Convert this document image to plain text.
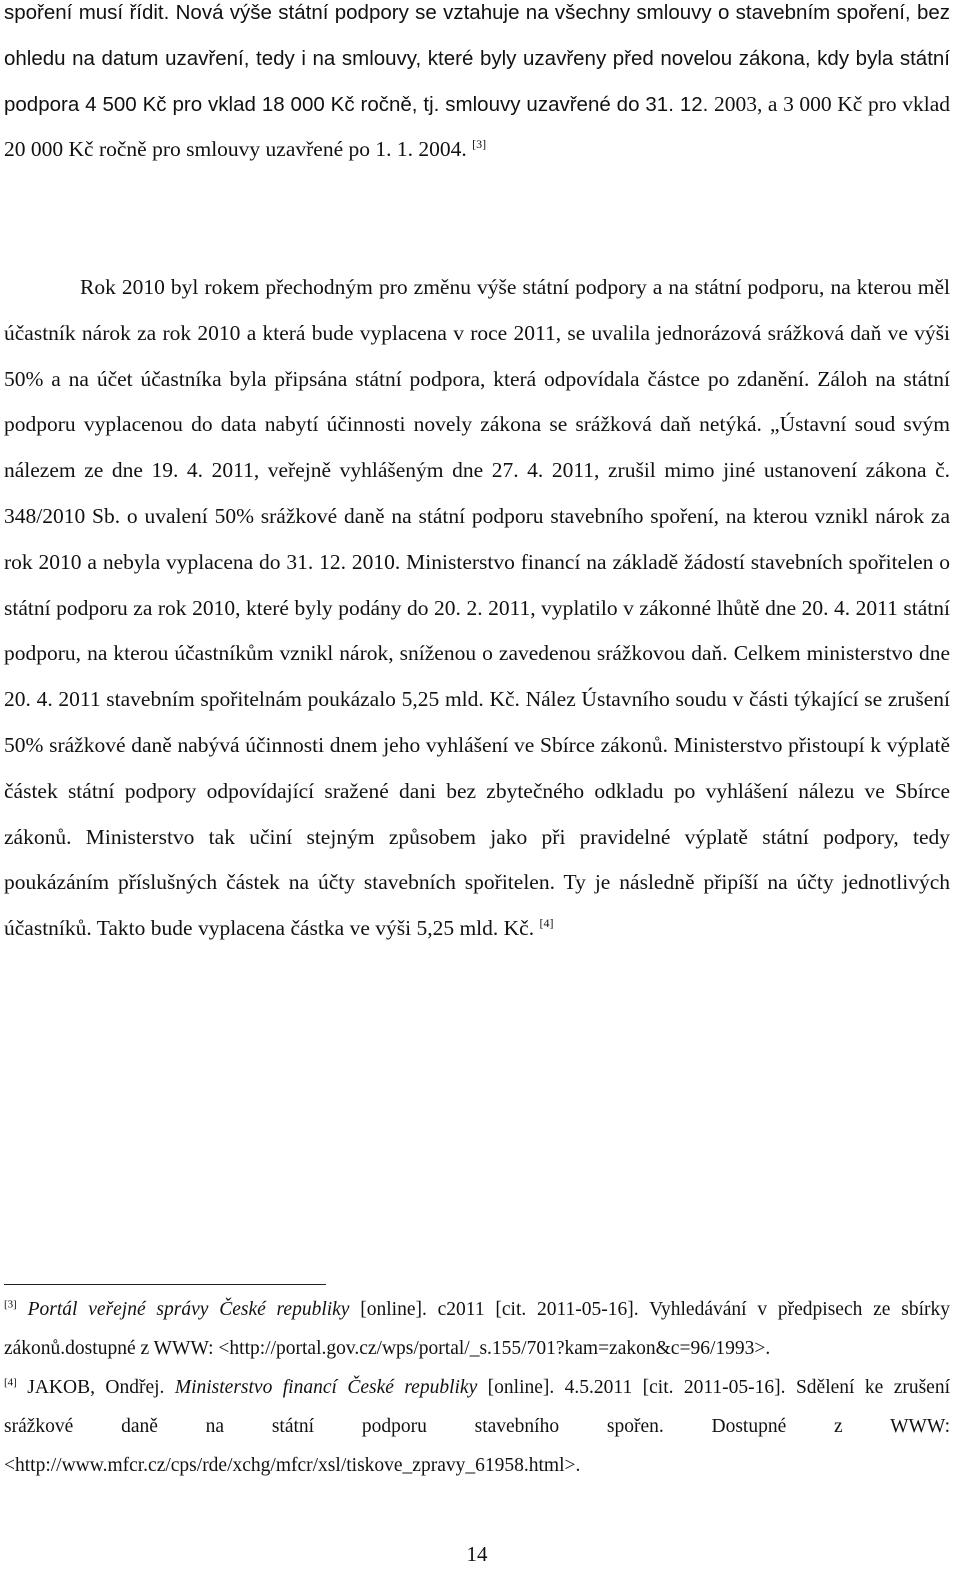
spoření musí řídit. Nová výše státní podpory se vztahuje na všechny smlouvy o stavebním spoření, bez ohledu na datum uzavření, tedy i na smlouvy, které byly uzavřeny před novelou zákona, kdy byla státní podpora 4 500 Kč pro vklad 18 000 Kč ročně, tj. smlouvy uzavřené do 31. 12. 2003, a 3 000 Kč pro vklad 20 000 Kč ročně pro smlouvy uzavřené po 1. 1. 2004. [3]

Rok 2010 byl rokem přechodným pro změnu výše státní podpory a na státní podporu, na kterou měl účastník nárok za rok 2010 a která bude vyplacena v roce 2011, se uvalila jednorázová srážková daň ve výši 50% a na účet účastníka byla připsána státní podpora, která odpovídala částce po zdanění. Záloh na státní podporu vyplacenou do data nabytí účinnosti novely zákona se srážková daň netýká. „Ústavní soud svým nálezem ze dne 19. 4. 2011, veřejně vyhlášeným dne 27. 4. 2011, zrušil mimo jiné ustanovení zákona č. 348/2010 Sb. o uvalení 50% srážkové daně na státní podporu stavebního spoření, na kterou vznikl nárok za rok 2010 a nebyla vyplacena do 31. 12. 2010. Ministerstvo financí na základě žádostí stavebních spořitelen o státní podporu za rok 2010, které byly podány do 20. 2. 2011, vyplatilo v zákonné lhůtě dne 20. 4. 2011 státní podporu, na kterou účastníkům vznikl nárok, sníženou o zavedenou srážkovou daň. Celkem ministerstvo dne 20. 4. 2011 stavebním spořitelnám poukázalo 5,25 mld. Kč. Nález Ústavního soudu v části týkající se zrušení 50% srážkové daně nabývá účinnosti dnem jeho vyhlášení ve Sbírce zákonů. Ministerstvo přistoupí k výplatě částek státní podpory odpovídající sražené dani bez zbytečného odkladu po vyhlášení nálezu ve Sbírce zákonů. Ministerstvo tak učiní stejným způsobem jako při pravidelné výplatě státní podpory, tedy poukázáním příslušných částek na účty stavebních spořitelen. Ty je následně připíší na účty jednotlivých účastníků. Takto bude vyplacena částka ve výši 5,25 mld. Kč. [4]

[3] Portál veřejné správy České republiky [online]. c2011 [cit. 2011-05-16]. Vyhledávání v předpisech ze sbírky zákonů.dostupné z WWW: <http://portal.gov.cz/wps/portal/_s.155/701?kam=zakon&c=96/1993>.

[4] JAKOB, Ondřej. Ministerstvo financí České republiky [online]. 4.5.2011 [cit. 2011-05-16]. Sdělení ke zrušení srážkové daně na státní podporu stavebního spořen. Dostupné z WWW: <http://www.mfcr.cz/cps/rde/xchg/mfcr/xsl/tiskove_zpravy_61958.html>.

14
